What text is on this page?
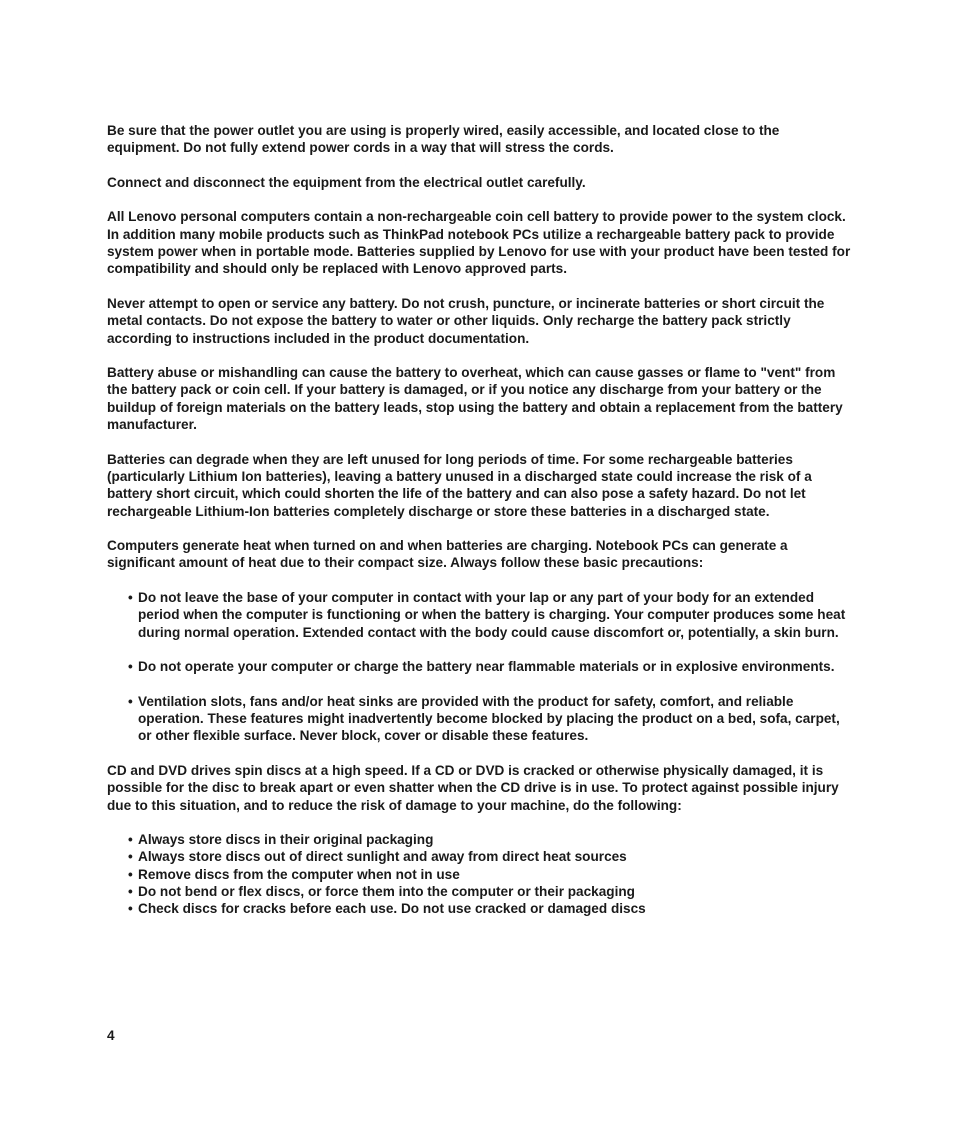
Be sure that the power outlet you are using is properly wired, easily accessible, and located close to the equipment. Do not fully extend power cords in a way that will stress the cords.

Connect and disconnect the equipment from the electrical outlet carefully.

All Lenovo personal computers contain a non-rechargeable coin cell battery to provide power to the system clock. In addition many mobile products such as ThinkPad notebook PCs utilize a rechargeable battery pack to provide system power when in portable mode. Batteries supplied by Lenovo for use with your product have been tested for compatibility and should only be replaced with Lenovo approved parts.

Never attempt to open or service any battery. Do not crush, puncture, or incinerate batteries or short circuit the metal contacts. Do not expose the battery to water or other liquids. Only recharge the battery pack strictly according to instructions included in the product documentation.

Battery abuse or mishandling can cause the battery to overheat, which can cause gasses or flame to "vent" from the battery pack or coin cell. If your battery is damaged, or if you notice any discharge from your battery or the buildup of foreign materials on the battery leads, stop using the battery and obtain a replacement from the battery manufacturer.

Batteries can degrade when they are left unused for long periods of time. For some rechargeable batteries (particularly Lithium Ion batteries), leaving a battery unused in a discharged state could increase the risk of a battery short circuit, which could shorten the life of the battery and can also pose a safety hazard. Do not let rechargeable Lithium-Ion batteries completely discharge or store these batteries in a discharged state.

Computers generate heat when turned on and when batteries are charging. Notebook PCs can generate a significant amount of heat due to their compact size. Always follow these basic precautions:

• Do not leave the base of your computer in contact with your lap or any part of your body for an extended period when the computer is functioning or when the battery is charging. Your computer produces some heat during normal operation. Extended contact with the body could cause discomfort or, potentially, a skin burn.
• Do not operate your computer or charge the battery near flammable materials or in explosive environments.
• Ventilation slots, fans and/or heat sinks are provided with the product for safety, comfort, and reliable operation. These features might inadvertently become blocked by placing the product on a bed, sofa, carpet, or other flexible surface. Never block, cover or disable these features.

CD and DVD drives spin discs at a high speed. If a CD or DVD is cracked or otherwise physically damaged, it is possible for the disc to break apart or even shatter when the CD drive is in use. To protect against possible injury due to this situation, and to reduce the risk of damage to your machine, do the following:

• Always store discs in their original packaging
• Always store discs out of direct sunlight and away from direct heat sources
• Remove discs from the computer when not in use
• Do not bend or flex discs, or force them into the computer or their packaging
• Check discs for cracks before each use. Do not use cracked or damaged discs
4
